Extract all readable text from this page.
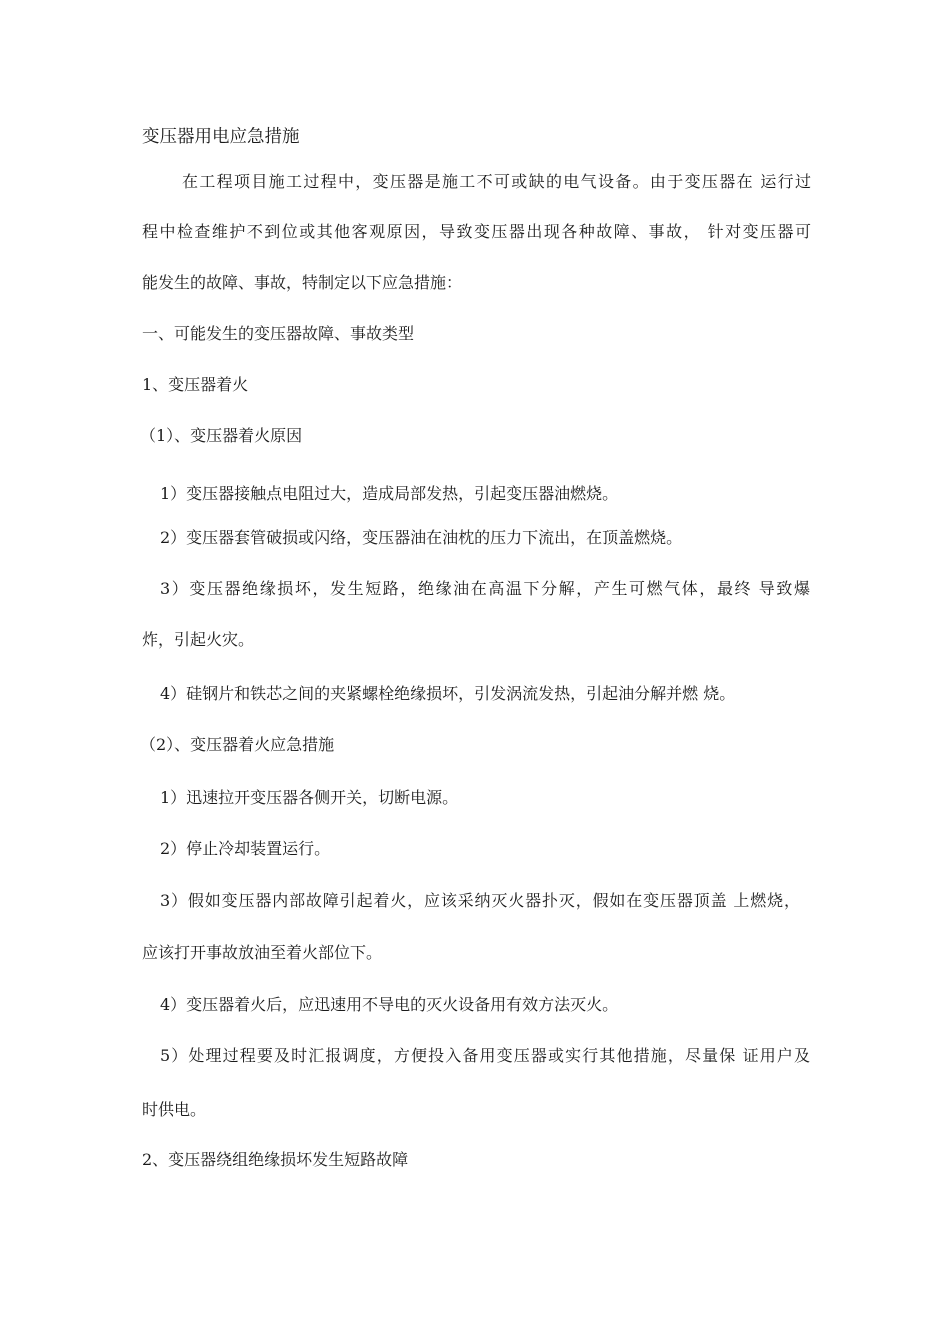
变压器用电应急措施
在工程项目施工过程中，变压器是施工不可或缺的电气设备。由于变压器在 运行过
程中检查维护不到位或其他客观原因，导致变压器出现各种故障、事故， 针对变压器可
能发生的故障、事故，特制定以下应急措施：
一、可能发生的变压器故障、事故类型
1、变压器着火
（1）、变压器着火原因
1）变压器接触点电阻过大，造成局部发热，引起变压器油燃烧。
2）变压器套管破损或闪络，变压器油在油枕的压力下流出，在顶盖燃烧。
3）变压器绝缘损坏，发生短路，绝缘油在高温下分解，产生可燃气体，最终 导致爆
炸，引起火灾。
4）硅钢片和铁芯之间的夹紧螺栓绝缘损坏，引发涡流发热，引起油分解并燃 烧。
（2）、变压器着火应急措施
1）迅速拉开变压器各侧开关，切断电源。
2）停止冷却装置运行。
3）假如变压器内部故障引起着火，应该采纳灭火器扑灭，假如在变压器顶盖 上燃烧，
应该打开事故放油至着火部位下。
4）变压器着火后，应迅速用不导电的灭火设备用有效方法灭火。
5）处理过程要及时汇报调度，方便投入备用变压器或实行其他措施，尽量保 证用户及
时供电。
2、变压器绕组绝缘损坏发生短路故障
